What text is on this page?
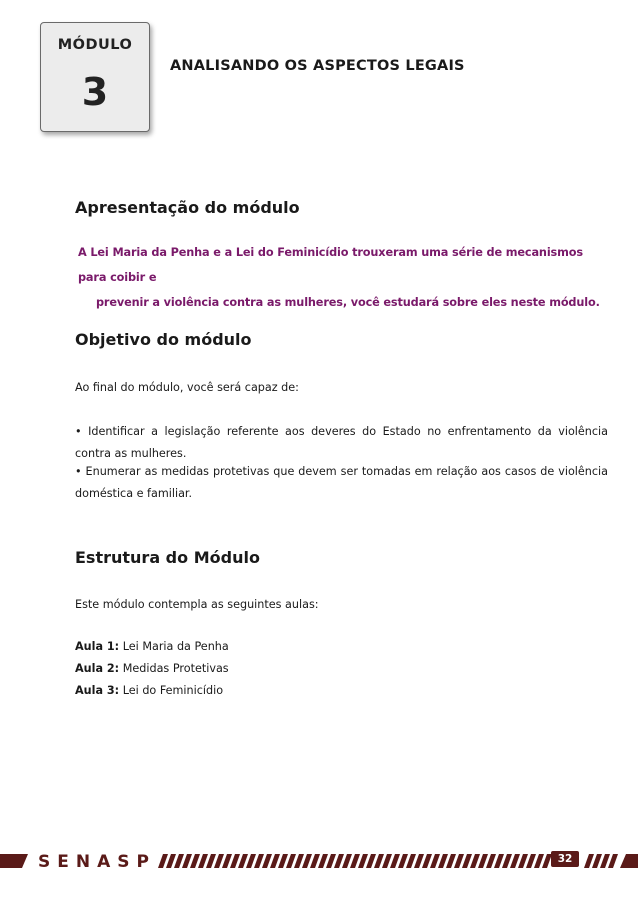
MÓDULO
3
ANALISANDO OS ASPECTOS LEGAIS
Apresentação do módulo
A Lei Maria da Penha e a Lei do Feminicídio trouxeram uma série de mecanismos para coibir e
prevenir a violência contra as mulheres, você estudará sobre eles neste módulo.
Objetivo do módulo

Ao final do módulo, você será capaz de:

• Identificar a legislação referente aos deveres do Estado no enfrentamento da violência contra as mulheres.

• Enumerar as medidas protetivas que devem ser tomadas em relação aos casos de violência doméstica e familiar.

Estrutura do Módulo

Este módulo contempla as seguintes aulas:

Aula 1: Lei Maria da Penha
Aula 2: Medidas Protetivas
Aula 3: Lei do Feminicídio
SENASP	32
